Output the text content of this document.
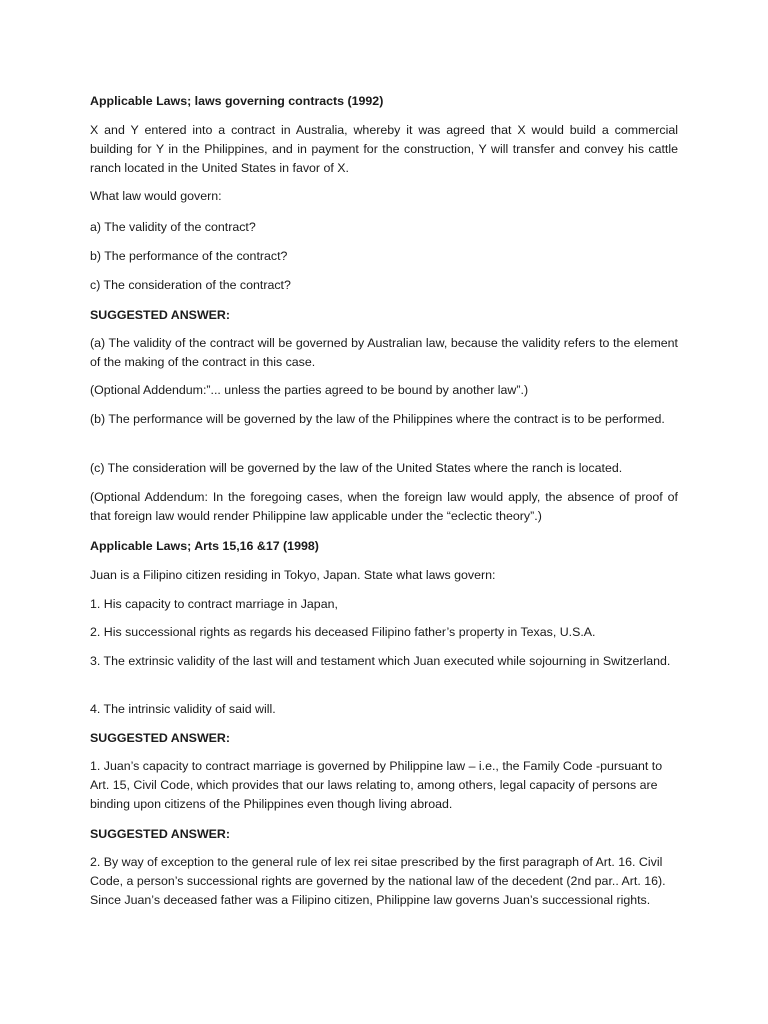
Applicable Laws; laws governing contracts (1992)

X and Y entered into a contract in Australia, whereby it was agreed that X would build a commercial building for Y in the Philippines, and in payment for the construction, Y will transfer and convey his cattle ranch located in the United States in favor of X.

What law would govern:

a) The validity of the contract?

b) The performance of the contract?

c) The consideration of the contract?

SUGGESTED ANSWER:

(a) The validity of the contract will be governed by Australian law, because the validity refers to the element of the making of the contract in this case.

(Optional Addendum:”... unless the parties agreed to be bound by another law”.)

(b) The performance will be governed by the law of the Philippines where the contract is to be performed.

(c) The consideration will be governed by the law of the United States where the ranch is located.

(Optional Addendum: In the foregoing cases, when the foreign law would apply, the absence of proof of that foreign law would render Philippine law applicable under the “eclectic theory”.)

Applicable Laws; Arts 15,16 &17 (1998)

Juan is a Filipino citizen residing in Tokyo, Japan. State what laws govern:

1. His capacity to contract marriage in Japan,

2. His successional rights as regards his deceased Filipino father’s property in Texas, U.S.A.

3. The extrinsic validity of the last will and testament which Juan executed while sojourning in Switzerland.

4. The intrinsic validity of said will.

SUGGESTED ANSWER:

1. Juan’s capacity to contract marriage is governed by Philippine law – i.e., the Family Code -pursuant to Art. 15, Civil Code, which provides that our laws relating to, among others, legal capacity of persons are binding upon citizens of the Philippines even though living abroad.

SUGGESTED ANSWER:

2. By way of exception to the general rule of lex rei sitae prescribed by the first paragraph of Art. 16. Civil Code, a person’s successional rights are governed by the national law of the decedent (2nd par.. Art. 16). Since Juan’s deceased father was a Filipino citizen, Philippine law governs Juan’s successional rights.
